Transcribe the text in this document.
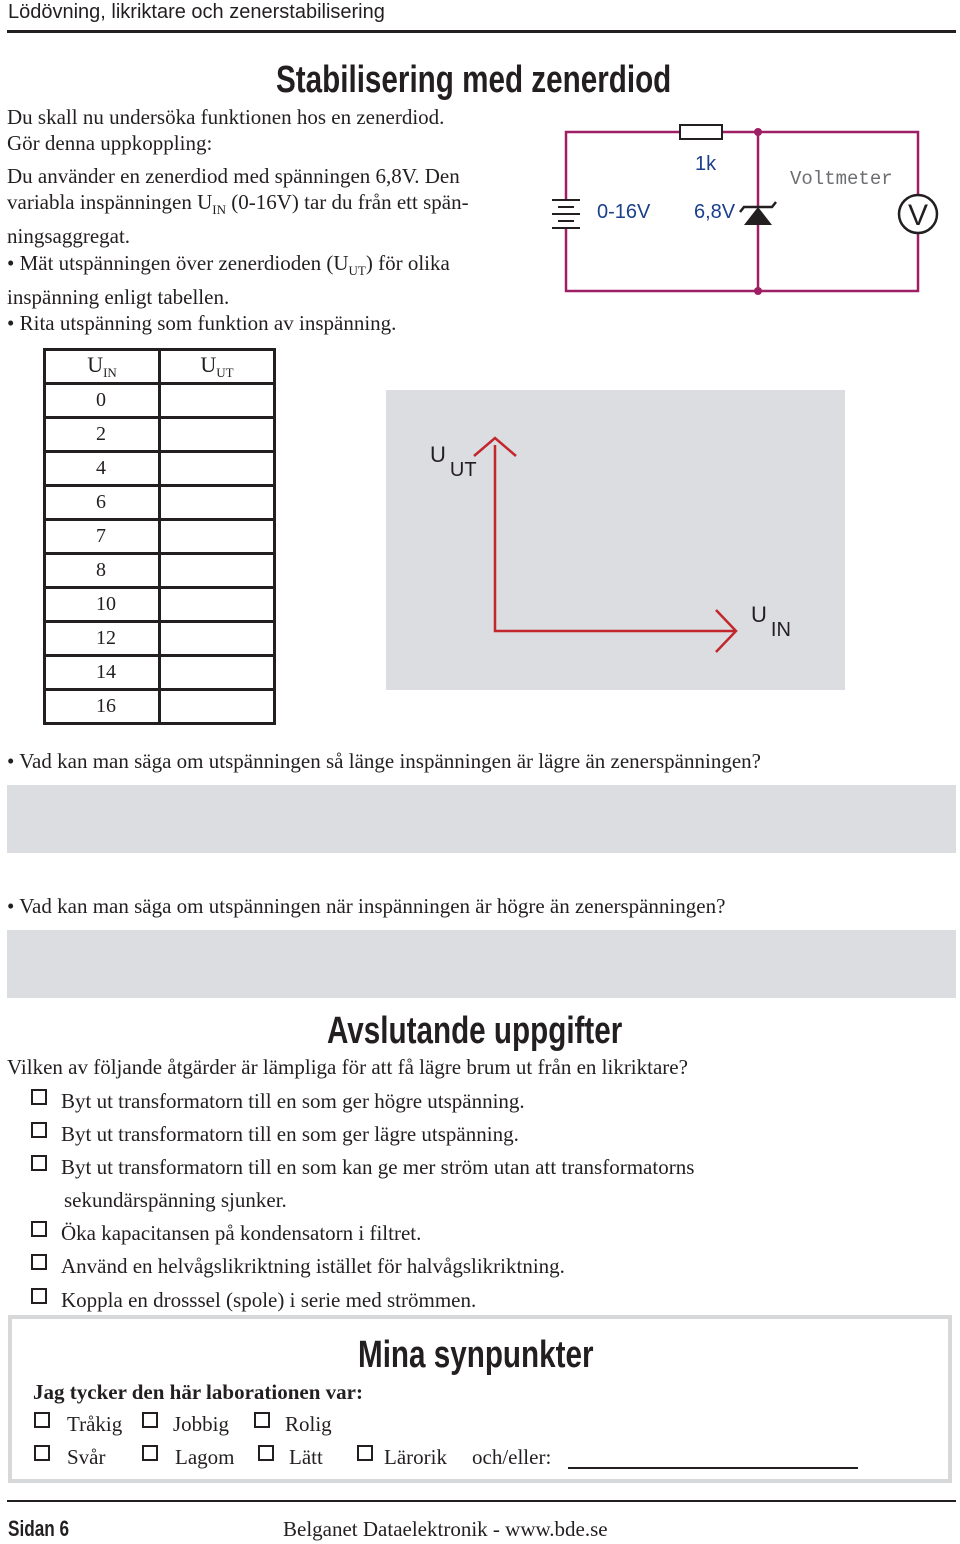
Lödövning, likriktare och zenerstabilisering
Stabilisering med zenerdiod
Du skall nu undersöka funktionen hos en zenerdiod.
Gör denna uppkoppling:
Du använder en zenerdiod med spänningen 6,8V. Den
variabla inspänningen $U_{IN}$ (0-16V) tar du från ett spän-
ningsaggregat.
• Mät utspänningen över zenerdioden $(U_{UT})$ för olika
inspänning enligt tabellen.
• Rita utspänning som funktion av inspänning.
V
1k
0-16V 6,8V
Voltmeter
$U_{IN}$	$U_{UT}$
0	
2	
4	
6	
7	
8	
10	
12	
14	
16	
UUT
UIN
• Vad kan man säga om utspänningen så länge inspänningen är lägre än zenerspänningen?
• Vad kan man säga om utspänningen när inspänningen är högre än zenerspänningen?
Avslutande uppgifter
Vilken av följande åtgärder är lämpliga för att få lägre brum ut från en likriktare?
Byt ut transformatorn till en som ger högre utspänning.
Byt ut transformatorn till en som ger lägre utspänning.
Byt ut transformatorn till en som kan ge mer ström utan att transformatorns
Öka kapacitansen på kondensatorn i filtret.
Använd en helvågslikriktning istället för halvågslikriktning.
Koppla en drosssel (spole) i serie med strömmen.
sekundärspänning sjunker.
Mina synpunkter
Jag tycker den här laborationen var:
Tråkig Jobbig	Rolig
Svår	Lagom	Lätt	Lärorik och/eller:
Sidan 6	Belganet Dataelektronik - www.bde.se
